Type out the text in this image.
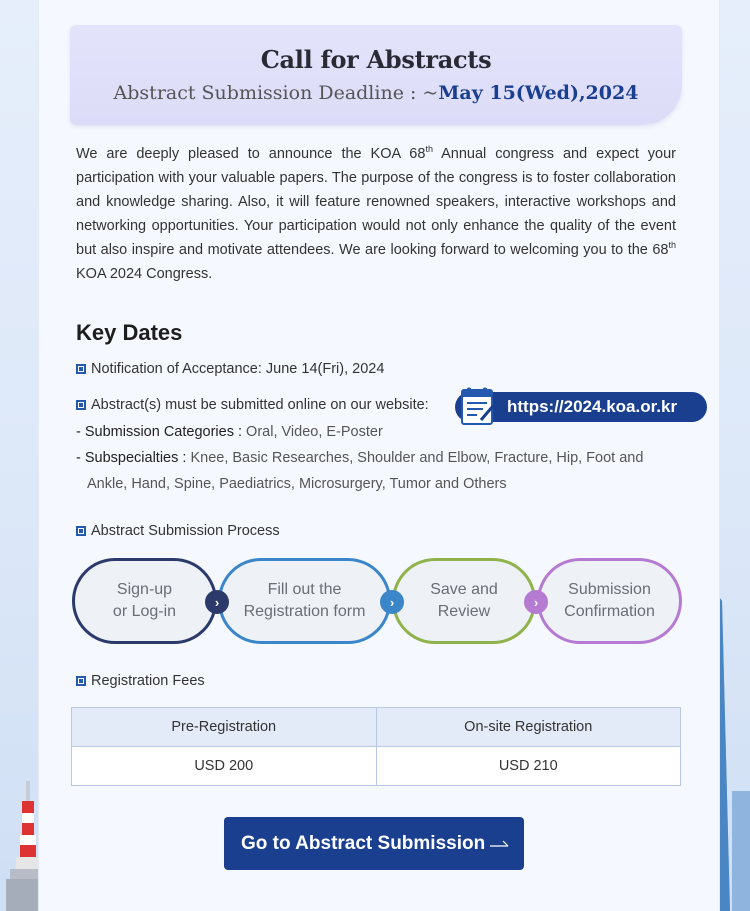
Call for Abstracts
Abstract Submission Deadline : ~May 15(Wed),2024
We are deeply pleased to announce the KOA 68th Annual congress and expect your participation with your valuable papers. The purpose of the congress is to foster collaboration and knowledge sharing. Also, it will feature renowned speakers, interactive workshops and networking opportunities. Your participation would not only enhance the quality of the event but also inspire and motivate attendees. We are looking forward to welcoming you to the 68th KOA 2024 Congress.
Key Dates
Notification of Acceptance: June 14(Fri), 2024
Abstract(s) must be submitted online on our website:	https://2024.koa.or.kr
- Submission Categories : Oral, Video, E-Poster
- Subspecialties : Knee, Basic Researches, Shoulder and Elbow, Fracture, Hip, Foot and
Ankle, Hand, Spine, Paediatrics, Microsurgery, Tumor and Others
Abstract Submission Process
Sign-up
or Log-in
Fill out the
Registration form
Save and
Review
Submission
Confirmation
›	›	›
Registration Fees
Pre-Registration	On-site Registration
USD 200	USD 210
Go to Abstract Submission
